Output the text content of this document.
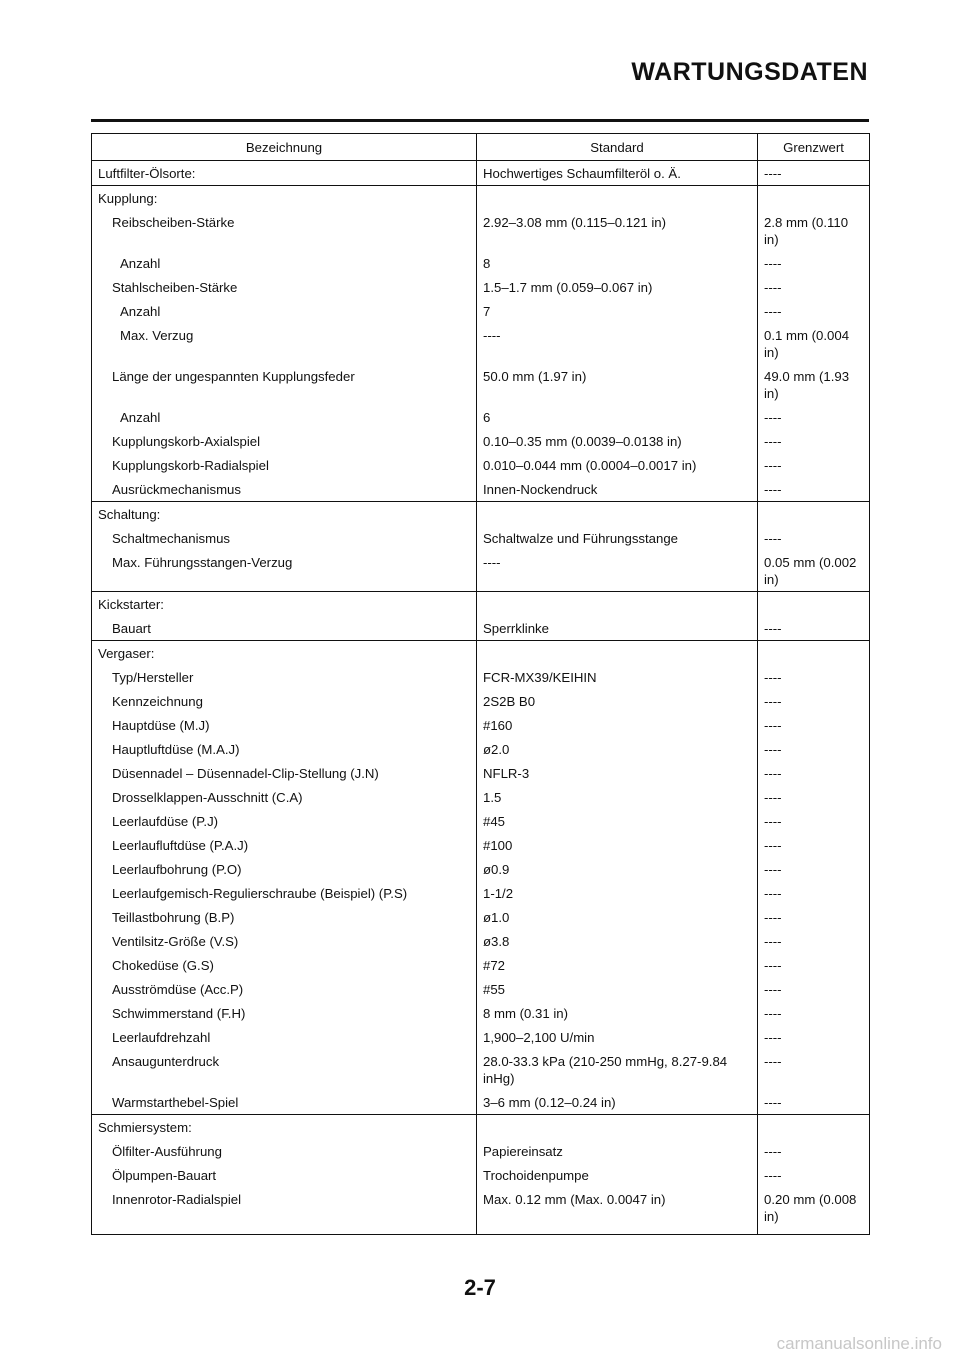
WARTUNGSDATEN
Bezeichnung	Standard	Grenzwert
Luftfilter-Ölsorte:	Hochwertiges Schaumfilteröl o. Ä.	----
Kupplung:		
Reibscheiben-Stärke	2.92–3.08 mm (0.115–0.121 in)	2.8 mm (0.110 in)
Anzahl	8	----
Stahlscheiben-Stärke	1.5–1.7 mm (0.059–0.067 in)	----
Anzahl	7	----
Max. Verzug	----	0.1 mm (0.004 in)
Länge der ungespannten Kupplungsfeder	50.0 mm (1.97 in)	49.0 mm (1.93 in)
Anzahl	6	----
Kupplungskorb-Axialspiel	0.10–0.35 mm (0.0039–0.0138 in)	----
Kupplungskorb-Radialspiel	0.010–0.044 mm (0.0004–0.0017 in)	----
Ausrückmechanismus	Innen-Nockendruck	----
Schaltung:		
Schaltmechanismus	Schaltwalze und Führungsstange	----
Max. Führungsstangen-Verzug	----	0.05 mm (0.002 in)
Kickstarter:		
Bauart	Sperrklinke	----
Vergaser:		
Typ/Hersteller	FCR-MX39/KEIHIN	----
Kennzeichnung	2S2B B0	----
Hauptdüse (M.J)	#160	----
Hauptluftdüse (M.A.J)	ø2.0	----
Düsennadel – Düsennadel-Clip-Stellung (J.N)	NFLR-3	----
Drosselklappen-Ausschnitt (C.A)	1.5	----
Leerlaufdüse (P.J)	#45	----
Leerlaufluftdüse (P.A.J)	#100	----
Leerlaufbohrung (P.O)	ø0.9	----
Leerlaufgemisch-Regulierschraube (Beispiel) (P.S)	1-1/2	----
Teillastbohrung (B.P)	ø1.0	----
Ventilsitz-Größe (V.S)	ø3.8	----
Chokedüse (G.S)	#72	----
Ausströmdüse (Acc.P)	#55	----
Schwimmerstand (F.H)	8 mm (0.31 in)	----
Leerlaufdrehzahl	1,900–2,100 U/min	----
Ansaugunterdruck	28.0-33.3 kPa (210-250 mmHg, 8.27-9.84 inHg)	----
Warmstarthebel-Spiel	3–6 mm (0.12–0.24 in)	----
Schmiersystem:		
Ölfilter-Ausführung	Papiereinsatz	----
Ölpumpen-Bauart	Trochoidenpumpe	----
Innenrotor-Radialspiel	Max. 0.12 mm (Max. 0.0047 in)	0.20 mm (0.008 in)
2-7
carmanualsonline.info
